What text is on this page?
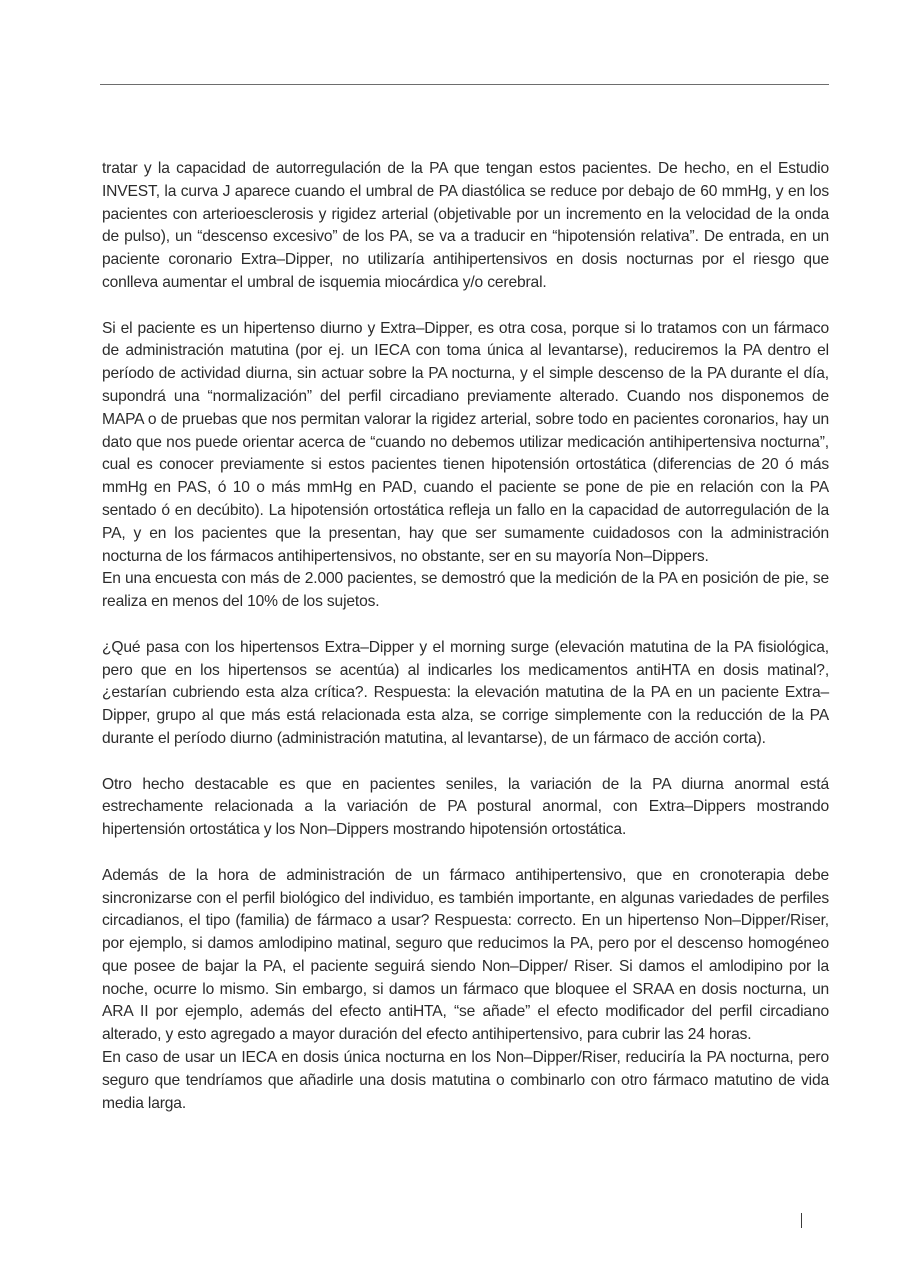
tratar y la capacidad de autorregulación de la PA que tengan estos pacientes. De hecho, en el Estudio INVEST, la curva J aparece cuando el umbral de PA diastólica se reduce por debajo de 60 mmHg, y en los pacientes con arterioesclerosis y rigidez arterial (objetivable por un incremento en la velocidad de la onda de pulso), un “descenso excesivo” de los PA, se va a traducir en “hipotensión relativa”. De entrada, en un paciente coronario Extra–Dipper, no utilizaría antihipertensivos en dosis nocturnas por el riesgo que conlleva aumentar el umbral de isquemia miocárdica y/o cerebral.

Si el paciente es un hipertenso diurno y Extra–Dipper, es otra cosa, porque si lo tratamos con un fármaco de administración matutina (por ej. un IECA con toma única al levantarse), reduciremos la PA dentro el período de actividad diurna, sin actuar sobre la PA nocturna, y el simple descenso de la PA durante el día, supondrá una “normalización” del perfil circadiano previamente alterado. Cuando nos disponemos de MAPA o de pruebas que nos permitan valorar la rigidez arterial, sobre todo en pacientes coronarios, hay un dato que nos puede orientar acerca de “cuando no debemos utilizar medicación antihipertensiva nocturna”, cual es conocer previamente si estos pacientes tienen hipotensión ortostática (diferencias de 20 ó más mmHg en PAS, ó 10 o más mmHg en PAD, cuando el paciente se pone de pie en relación con la PA sentado ó en decúbito). La hipotensión ortostática refleja un fallo en la capacidad de autorregulación de la PA, y en los pacientes que la presentan, hay que ser sumamente cuidadosos con la administración nocturna de los fármacos antihipertensivos, no obstante, ser en su mayoría Non–Dippers.

En una encuesta con más de 2.000 pacientes, se demostró que la medición de la PA en posición de pie, se realiza en menos del 10% de los sujetos.

¿Qué pasa con los hipertensos Extra–Dipper y el morning surge (elevación matutina de la PA fisiológica, pero que en los hipertensos se acentúa) al indicarles los medicamentos antiHTA en dosis matinal?, ¿estarían cubriendo esta alza crítica?. Respuesta: la elevación matutina de la PA en un paciente Extra–Dipper, grupo al que más está relacionada esta alza, se corrige simplemente con la reducción de la PA durante el período diurno (administración matutina, al levantarse), de un fármaco de acción corta).

Otro hecho destacable es que en pacientes seniles, la variación de la PA diurna anormal está estrechamente relacionada a la variación de PA postural anormal, con Extra–Dippers mostrando hipertensión ortostática y los Non–Dippers mostrando hipotensión ortostática.

Además de la hora de administración de un fármaco antihipertensivo, que en cronoterapia debe sincronizarse con el perfil biológico del individuo, es también importante, en algunas variedades de perfiles circadianos, el tipo (familia) de fármaco a usar? Respuesta: correcto. En un hipertenso Non–Dipper/Riser, por ejemplo, si damos amlodipino matinal, seguro que reducimos la PA, pero por el descenso homogéneo que posee de bajar la PA, el paciente seguirá siendo Non–Dipper/ Riser. Si damos el amlodipino por la noche, ocurre lo mismo. Sin embargo, si damos un fármaco que bloquee el SRAA en dosis nocturna, un ARA II por ejemplo, además del efecto antiHTA, “se añade” el efecto modificador del perfil circadiano alterado, y esto agregado a mayor duración del efecto antihipertensivo, para cubrir las 24 horas.

En caso de usar un IECA en dosis única nocturna en los Non–Dipper/Riser, reduciría la PA nocturna, pero seguro que tendríamos que añadirle una dosis matutina o combinarlo con otro fármaco matutino de vida media larga.
